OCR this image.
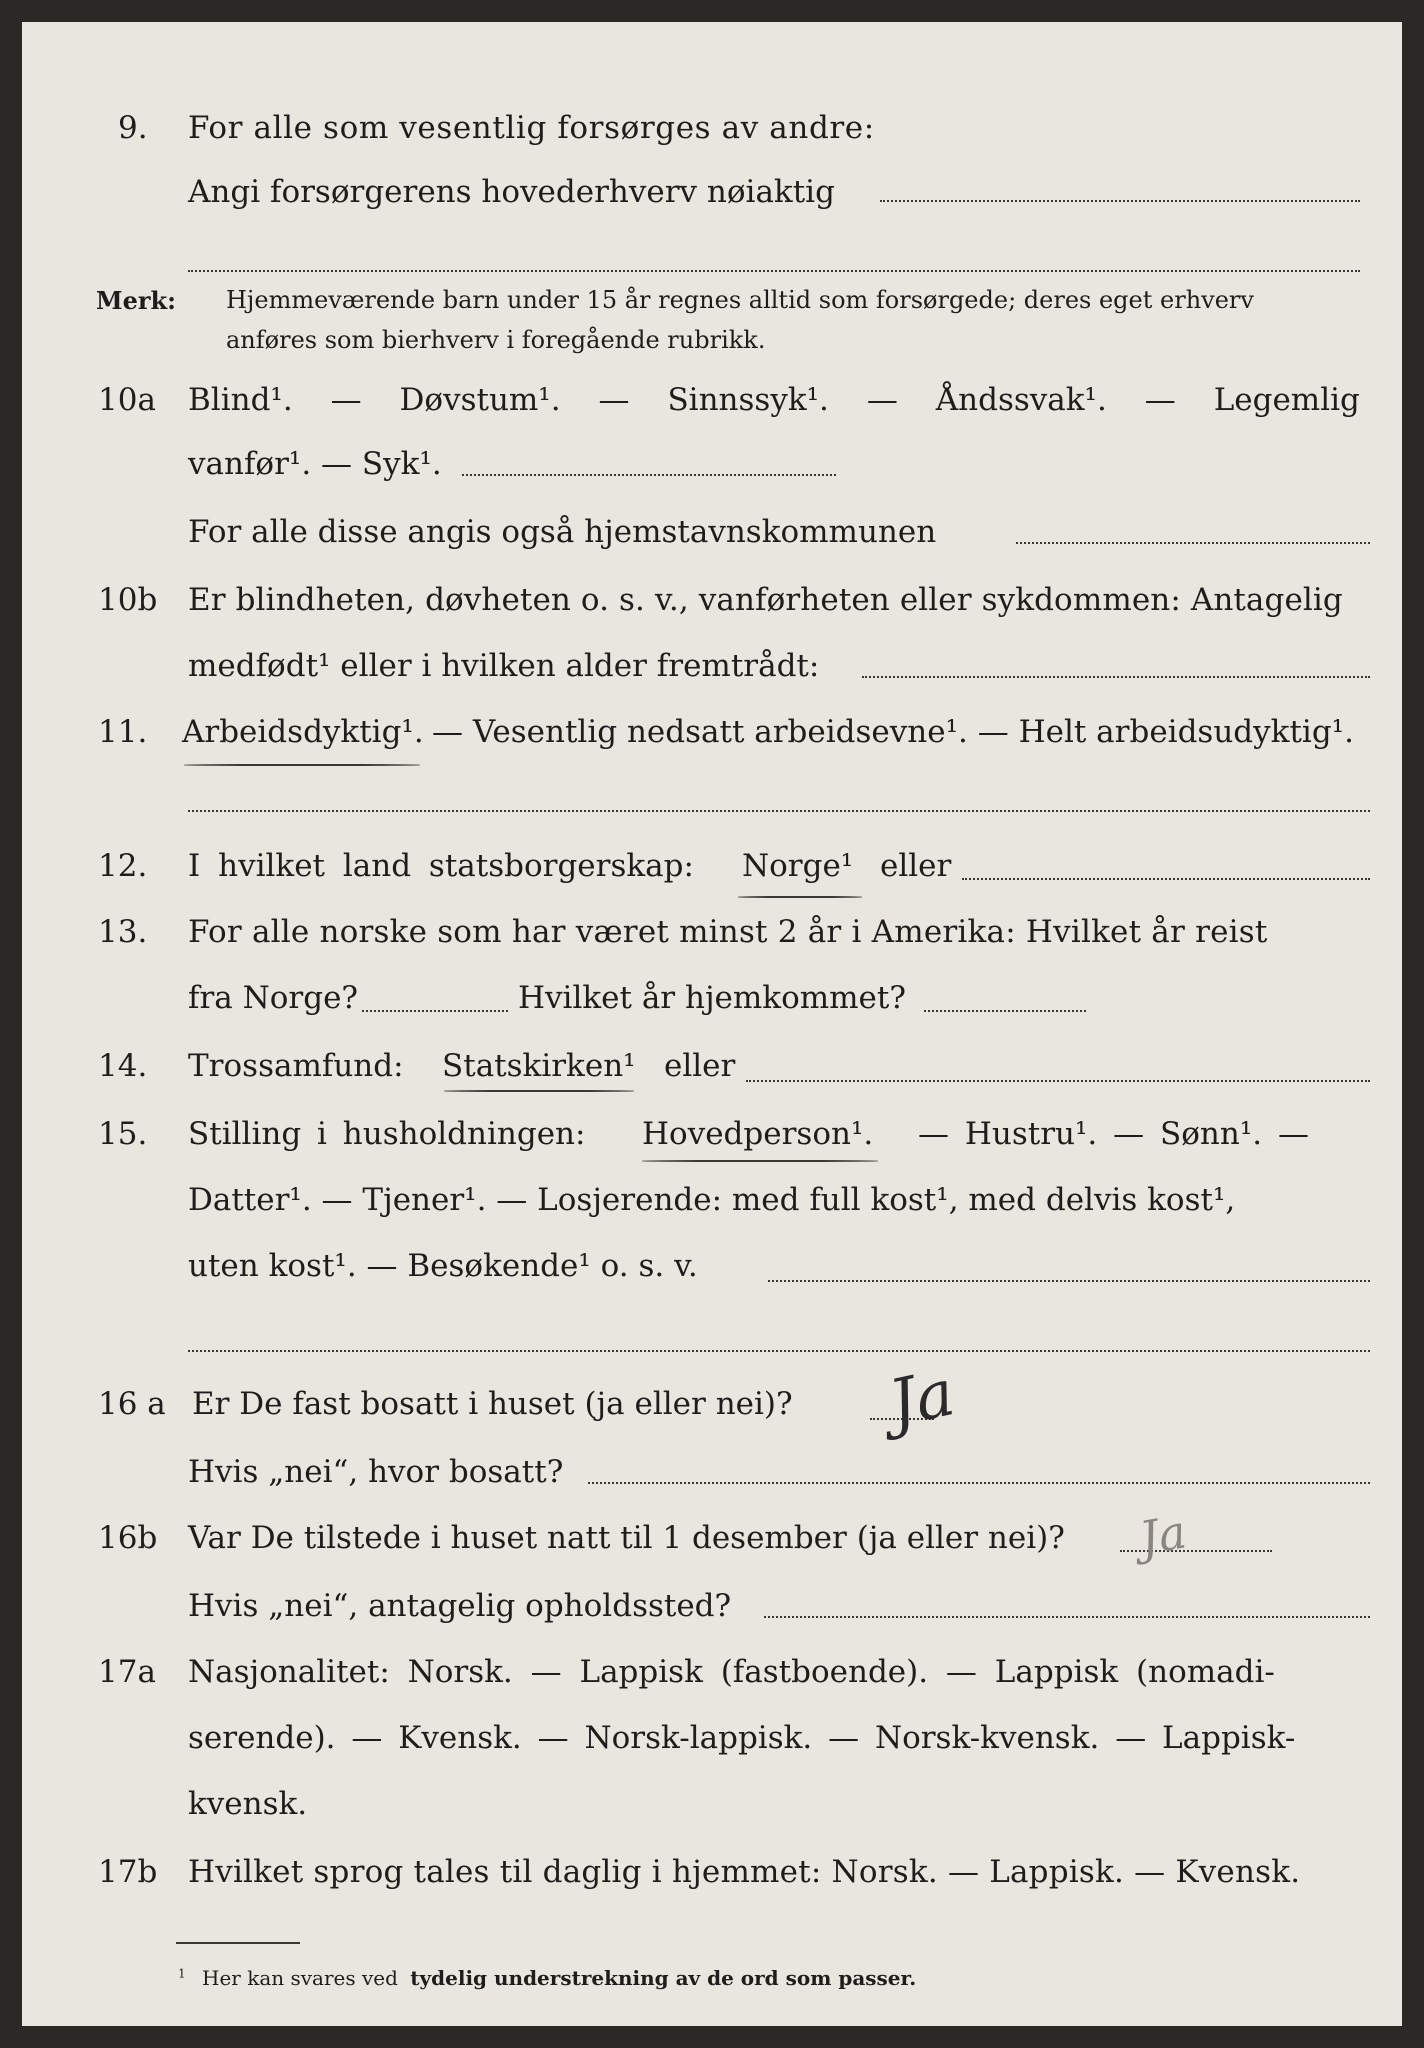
9. For alle som vesentlig forsørges av andre:
Angi forsørgerens hovederhverv nøiaktig
Merk: Hjemmeværende barn under 15 år regnes alltid som forsørgede; deres eget erhverv
anføres som bierhverv i foregående rubrikk.
10a Blind¹. — Døvstum¹. — Sinnssyk¹. — Åndssvak¹. — Legemlig
vanfør¹. — Syk¹.
For alle disse angis også hjemstavnskommunen
10b Er blindheten, døvheten o. s. v., vanførheten eller sykdommen: Antagelig
medfødt¹ eller i hvilken alder fremtrådt:
11. Arbeidsdyktig¹. — Vesentlig nedsatt arbeidsevne¹. — Helt arbeidsudyktig¹.
12. I hvilket land statsborgerskap: Norge¹ eller
13. For alle norske som har været minst 2 år i Amerika: Hvilket år reist
fra Norge?	Hvilket år hjemkommet?
14. Trossamfund: Statskirken¹ eller
15. Stilling i husholdningen: Hovedperson¹. — Hustru¹. — Sønn¹. —
Datter¹. — Tjener¹. — Losjerende: med full kost¹, med delvis kost¹,
uten kost¹. — Besøkende¹ o. s. v.
16 a Er De fast bosatt i huset (ja eller nei)? Ja
Hvis „nei“, hvor bosatt?
16b Var De tilstede i huset natt til 1 desember (ja eller nei)? Ja
Hvis „nei“, antagelig opholdssted?
17a Nasjonalitet: Norsk. — Lappisk (fastboende). — Lappisk (nomadi-
serende). — Kvensk. — Norsk-lappisk. — Norsk-kvensk. — Lappisk-
kvensk.
17b Hvilket sprog tales til daglig i hjemmet: Norsk. — Lappisk. — Kvensk.
$^1$ Her kan svares ved tydelig understrekning av de ord som passer.
